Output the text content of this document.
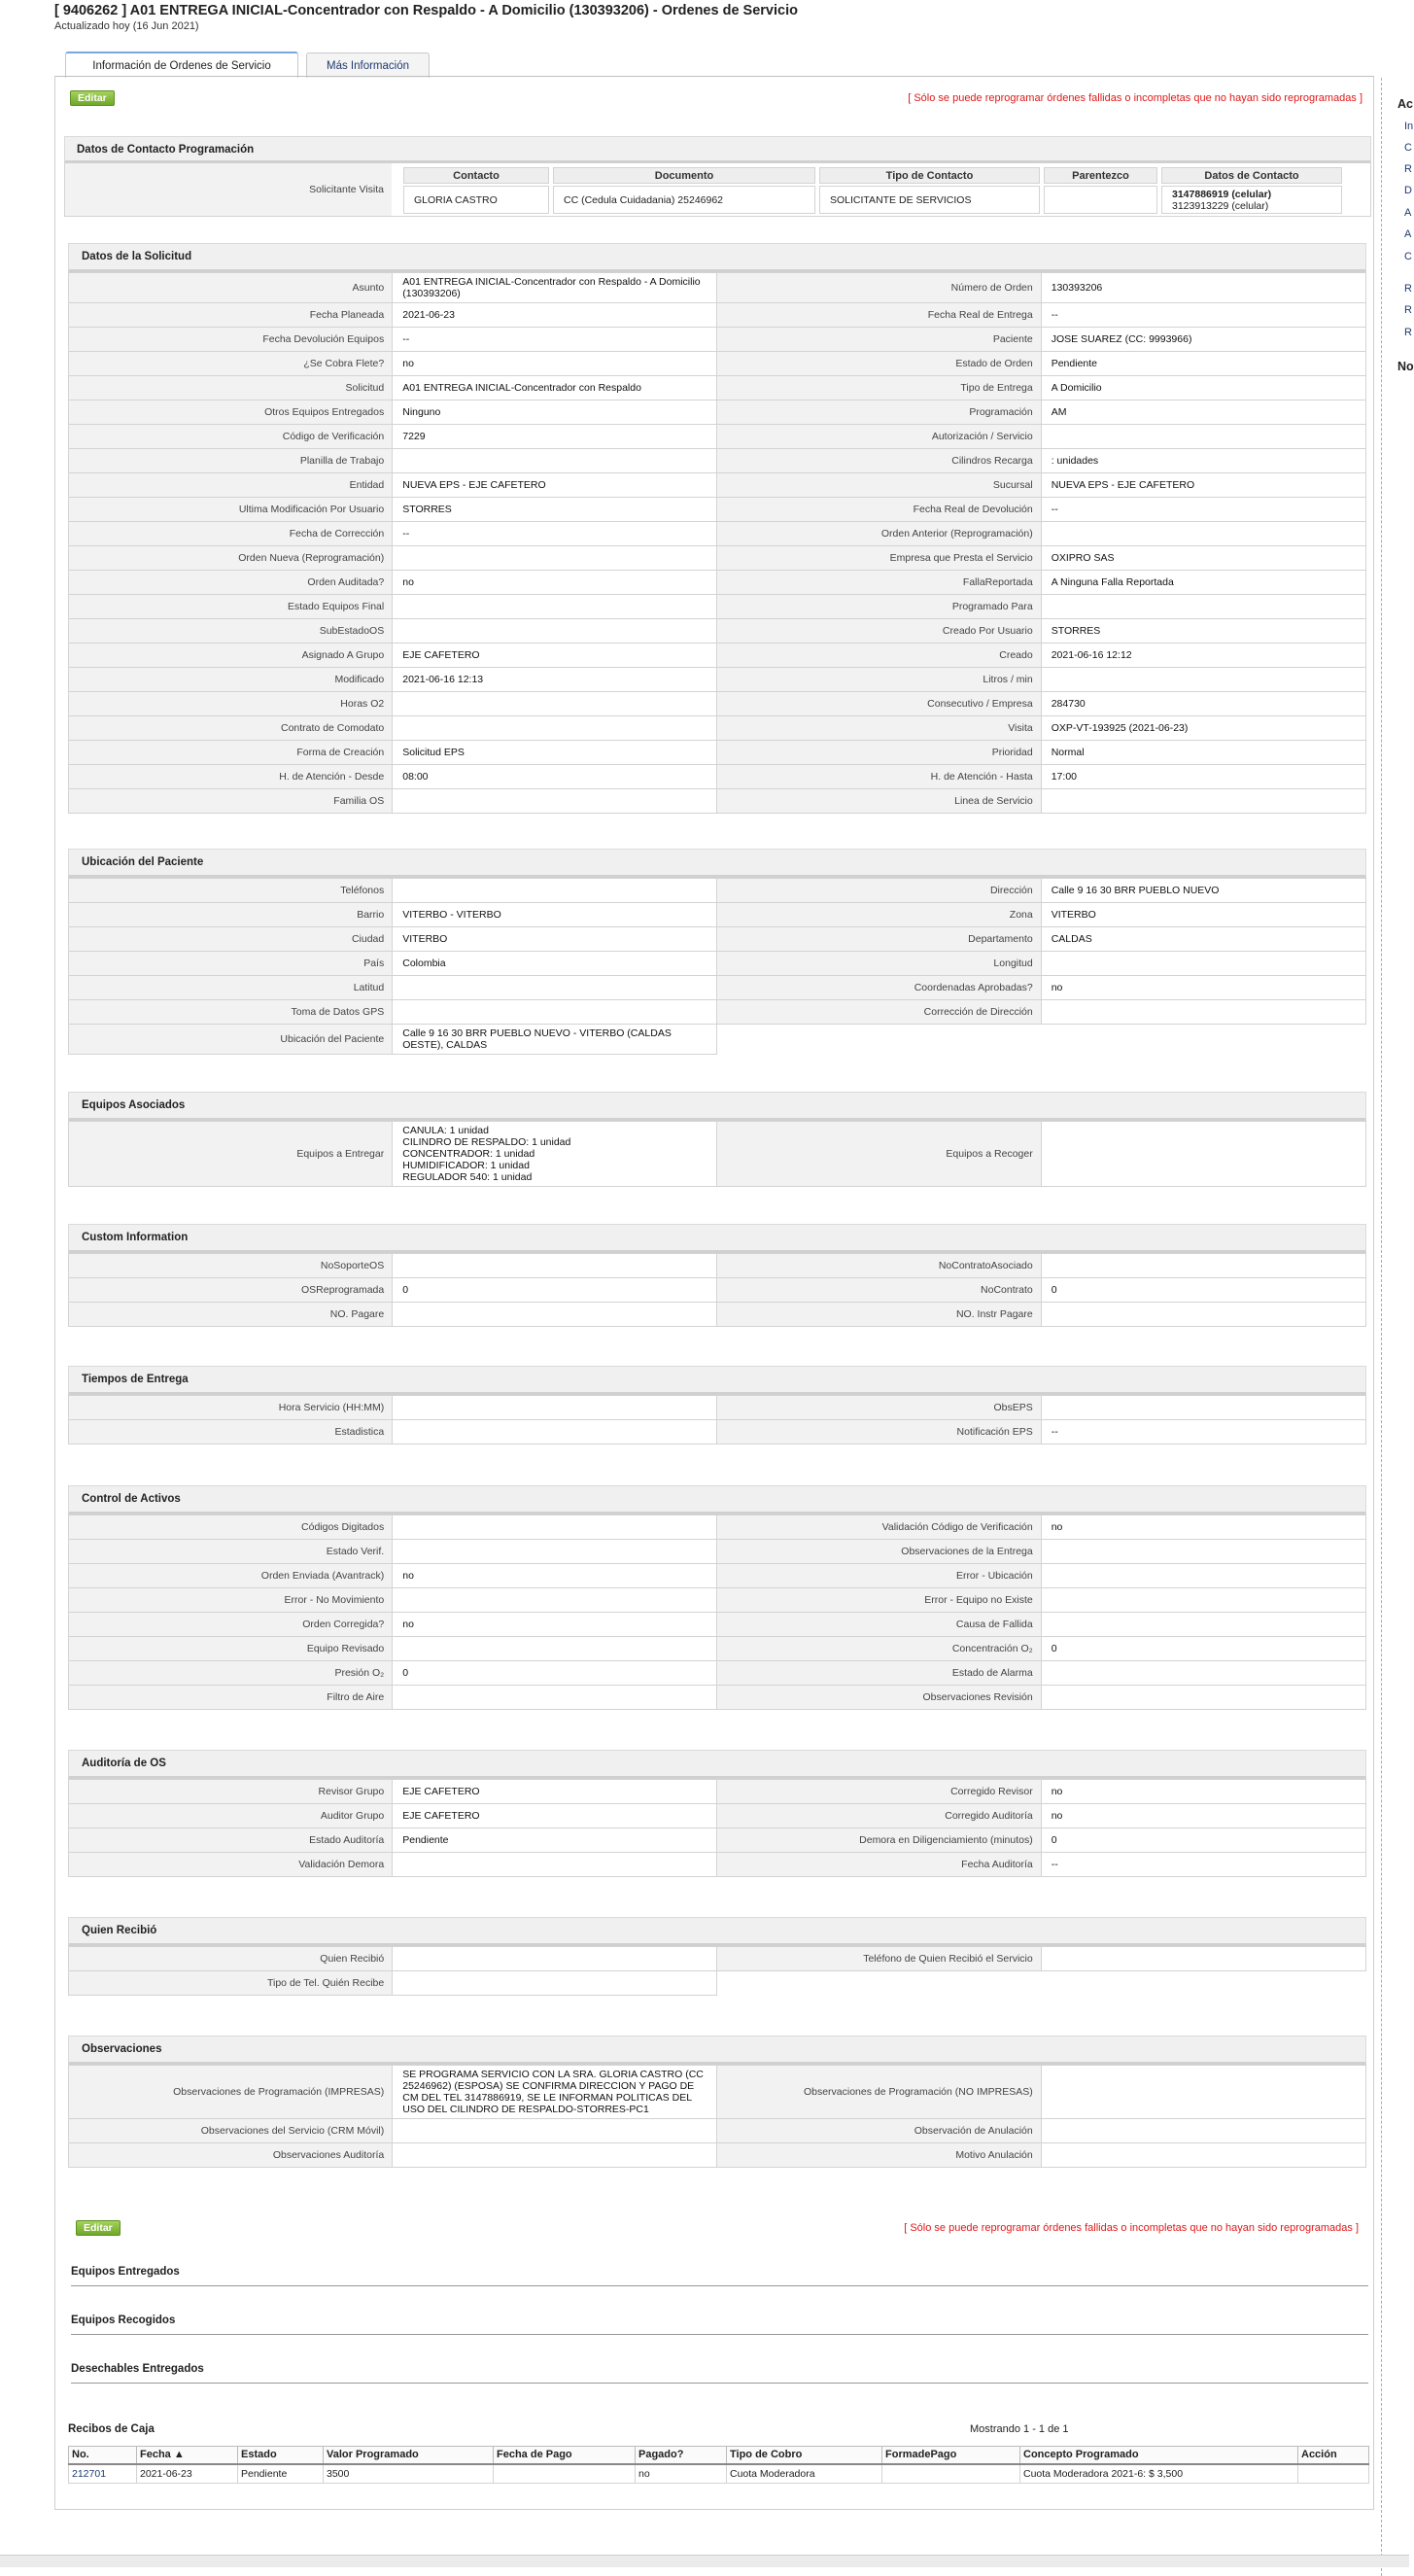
[ 9406262 ] A01 ENTREGA INICIAL-Concentrador con Respaldo - A Domicilio (130393206) - Ordenes de Servicio
Actualizado hoy (16 Jun 2021)
Información de Ordenes de Servicio	Más Información
Editar	[ Sólo se puede reprogramar órdenes fallidas o incompletas que no hayan sido reprogramadas ]
Datos de Contacto Programación
Solicitante Visita
Contacto	Documento	Tipo de Contacto	Parentezco	Datos de Contacto
GLORIA CASTRO	CC (Cedula Cuidadania) 25246962	SOLICITANTE DE SERVICIOS		3147886919 (celular)
3123913229 (celular)
Datos de la Solicitud
Asunto	A01 ENTREGA INICIAL-Concentrador con Respaldo - A Domicilio (130393206)	Número de Orden	130393206
Fecha Planeada	2021-06-23	Fecha Real de Entrega	--
Fecha Devolución Equipos	--	Paciente	JOSE SUAREZ (CC: 9993966)
¿Se Cobra Flete?	no	Estado de Orden	Pendiente
Solicitud	A01 ENTREGA INICIAL-Concentrador con Respaldo	Tipo de Entrega	A Domicilio
Otros Equipos Entregados	Ninguno	Programación	AM
Código de Verificación	7229	Autorización / Servicio	
Planilla de Trabajo		Cilindros Recarga	: unidades
Entidad	NUEVA EPS - EJE CAFETERO	Sucursal	NUEVA EPS - EJE CAFETERO
Ultima Modificación Por Usuario	STORRES	Fecha Real de Devolución	--
Fecha de Corrección	--	Orden Anterior (Reprogramación)	
Orden Nueva (Reprogramación)		Empresa que Presta el Servicio	OXIPRO SAS
Orden Auditada?	no	FallaReportada	A Ninguna Falla Reportada
Estado Equipos Final		Programado Para	
SubEstadoOS		Creado Por Usuario	STORRES
Asignado A Grupo	EJE CAFETERO	Creado	2021-06-16 12:12
Modificado	2021-06-16 12:13	Litros / min	
Horas O2		Consecutivo / Empresa	284730
Contrato de Comodato		Visita	OXP-VT-193925 (2021-06-23)
Forma de Creación	Solicitud EPS	Prioridad	Normal
H. de Atención - Desde	08:00	H. de Atención - Hasta	17:00
Familia OS		Linea de Servicio	
Ubicación del Paciente
Teléfonos		Dirección	Calle 9 16 30 BRR PUEBLO NUEVO
Barrio	VITERBO - VITERBO	Zona	VITERBO
Ciudad	VITERBO	Departamento	CALDAS
País	Colombia	Longitud	
Latitud		Coordenadas Aprobadas?	no
Toma de Datos GPS		Corrección de Dirección	
Ubicación del Paciente	Calle 9 16 30 BRR PUEBLO NUEVO - VITERBO (CALDAS OESTE), CALDAS		
Equipos Asociados
Equipos a Entregar	CANULA: 1 unidad
CILINDRO DE RESPALDO: 1 unidad
CONCENTRADOR: 1 unidad
HUMIDIFICADOR: 1 unidad
REGULADOR 540: 1 unidad	Equipos a Recoger	
Custom Information
NoSoporteOS		NoContratoAsociado	
OSReprogramada	0	NoContrato	0
NO. Pagare		NO. Instr Pagare	
Tiempos de Entrega
Hora Servicio (HH:MM)		ObsEPS	
Estadistica		Notificación EPS	--
Control de Activos
Códigos Digitados		Validación Código de Verificación	no
Estado Verif.		Observaciones de la Entrega	
Orden Enviada (Avantrack)	no	Error - Ubicación	
Error - No Movimiento		Error - Equipo no Existe	
Orden Corregida?	no	Causa de Fallida	
Equipo Revisado		Concentración O₂	0
Presión O₂	0	Estado de Alarma	
Filtro de Aire		Observaciones Revisión	
Auditoría de OS
Revisor Grupo	EJE CAFETERO	Corregido Revisor	no
Auditor Grupo	EJE CAFETERO	Corregido Auditoría	no
Estado Auditoría	Pendiente	Demora en Diligenciamiento (minutos)	0
Validación Demora		Fecha Auditoría	--
Quien Recibió
Quien Recibió		Teléfono de Quien Recibió el Servicio	
Tipo de Tel. Quién Recibe			
Observaciones
Observaciones de Programación (IMPRESAS)	SE PROGRAMA SERVICIO CON LA SRA. GLORIA CASTRO (CC 25246962) (ESPOSA) SE CONFIRMA DIRECCION Y PAGO DE CM DEL TEL 3147886919, SE LE INFORMAN POLITICAS DEL USO DEL CILINDRO DE RESPALDO-STORRES-PC1	Observaciones de Programación (NO IMPRESAS)	
Observaciones del Servicio (CRM Móvil)		Observación de Anulación	
Observaciones Auditoría		Motivo Anulación	
Editar	[ Sólo se puede reprogramar órdenes fallidas o incompletas que no hayan sido reprogramadas ]
Equipos Entregados
Equipos Recogidos
Desechables Entregados
Recibos de Caja	Mostrando 1 - 1 de 1
No.	Fecha ▲	Estado	Valor Programado	Fecha de Pago	Pagado?	Tipo de Cobro	FormadePago	Concepto Programado	Acción
212701	2021-06-23	Pendiente	3500		no	Cuota Moderadora		Cuota Moderadora 2021-6: $ 3,500	
Ac
In
C
R
D
A
A
C
R
R
R
No
